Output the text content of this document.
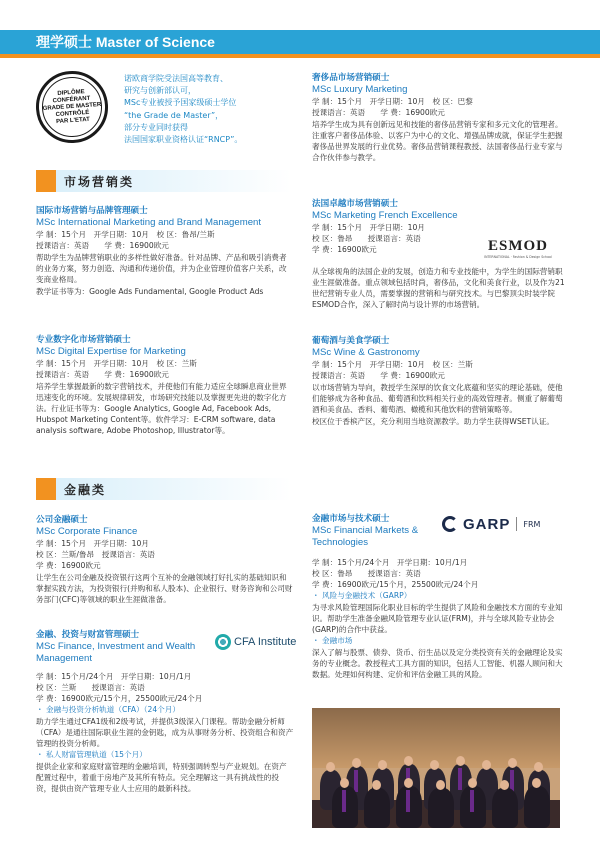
理学硕士 Master of Science
DIPLÔME
CONFÉRANT
GRADE DE MASTER
CONTRÔLÉ
PAR L'ETAT
诺欧商学院受法国高等教育、
研究与创新部认可，
MSc专业被授予国家级硕士学位
“the Grade de Master”，
部分专业同时获得
法国国家职业资格认证“RNCP”。
市场营销类
国际市场营销与品牌管理硕士
MSc International Marketing and Brand Management
学 制：15个月　开学日期：10月　校 区：鲁昂/兰斯
授课语言：英语　　学 费：16900欧元
帮助学生为品牌营销职业的多样性做好准备。针对品牌、产品和吸引消费者的业务方案，努力创造、沟通和传递价值，并为企业管理价值客户关系，改变商业格局。
教学证书等为：Google Ads Fundamental, Google Product Ads
专业数字化市场营销硕士
MSc Digital Expertise for Marketing
学 制：15个月　开学日期：10月　校 区：兰斯
授课语言：英语　　学 费：16900欧元
培养学生掌握最新的数字营销技术，并使他们有能力适应全球瞬息商业世界迅速变化的环境。发展规律研发，市场研究技能以及掌握更先进的数字化方法。行业证书等为：Google Analytics, Google Ad, Facebook Ads, Hubspot Marketing Content等。软件学习：E-CRM software, data analysis software, Adobe Photoshop, Illustrator等。
奢侈品市场营销硕士
MSc Luxury Marketing
学 制：15个月　开学日期：10月　校 区：巴黎
授课语言：英语　　学 费：16900欧元
培养学生成为具有创新远见和技能的奢侈品营销专家和多元文化的管理者。注重客户奢侈品体验、以客户为中心的文化、增强品牌成就，保证学生把握奢侈品世界发展的行业优势。奢侈品营销课程教授、法国奢侈品行业专家与合作伙伴参与教学。
法国卓越市场营销硕士
MSc Marketing French Excellence
学 制：15个月　开学日期：10月
校 区：鲁昂　　授课语言：英语
学 费：16900欧元
从全球视角的法国企业的发展，创造力和专业技能中，为学生的国际营销职业生涯做准备。重点领域包括时尚，奢侈品，文化和美食行业，以及作为21世纪营销专业人员，需要掌握的营销和与研究技术。与巴黎顶尖时装学院ESMOD合作，深入了解时尚与设计界的市场营销。
ESMOD
INTERNATIONAL · Fashion & Design School
葡萄酒与美食学硕士
MSc Wine & Gastronomy
学 制：15个月　开学日期：10月　校 区：兰斯
授课语言：英语　　学 费：16900欧元
以市场营销为导向，教授学生深厚的饮食文化底蕴和坚实的理论基础，使他们能够成为各种食品、葡萄酒和饮料相关行业的高效管理者。侧重了解葡萄酒和美食品、香料、葡萄酒、橄榄和其他饮料的营销策略等。
校区位于香槟产区，充分利用当地资源教学。助力学生获得WSET认证。
金融类
公司金融硕士
MSc Corporate Finance
学 制：15个月　开学日期：10月
校 区：兰斯/鲁昂　授课语言：英语
学 费：16900欧元
让学生在公司金融及投资银行这两个互补的金融领域打好扎实的基础知识和掌握实践方法，为投资银行(并购和私人股本)、企业银行、财务咨询和公司财务部门(CFC)等领域的职业生涯做准备。
金融、投资与财富管理硕士
MSc Finance, Investment and Wealth Management
学 制：15个月/24个月　开学日期：10月/1月
校 区：兰斯　　授课语言：英语
学 费：16900欧元/15个月，25500欧元/24个月
・ 金融与投资分析轨道（CFA）（24个月）
助力学生通过CFA1级和2级考试，并提供3级深入门课程。帮助金融分析师（CFA）是通往国际职业生涯的金钥匙，成为从事财务分析、投资组合和资产管理的投资分析师。
・ 私人财富管理轨道（15个月）
提供企业家和家庭财富管理的金融培训，特别强调转型与产业规划。在资产配置过程中，着重于房地产及其所有特点。完全理解这一具有挑战性的投资，提供由资产管理专业人士应用的最新科技。
CFA Institute
金融市场与技术硕士
MSc Financial Markets & Technologies
学 制：15个月/24个月　开学日期：10月/1月
校 区：鲁昂　　授课语言：英语
学 费：16900欧元/15个月，25500欧元/24个月
・ 风险与金融技术（GARP）
为寻求风险管理国际化职业目标的学生提供了风险和金融技术方面的专业知识。帮助学生准备金融风险管理专业认证(FRM)，并与全球风险专业协会(GARP)的合作中获益。
・ 金融市场
深入了解与股票、债券、货币、衍生品以及定分类投资有关的金融理论及实务的专业概念。教授程式工具方面的知识，包括人工智能、机器人顾问和大数据。处理如何构建、定价和评估金融工具的风险。
GARP FRM
